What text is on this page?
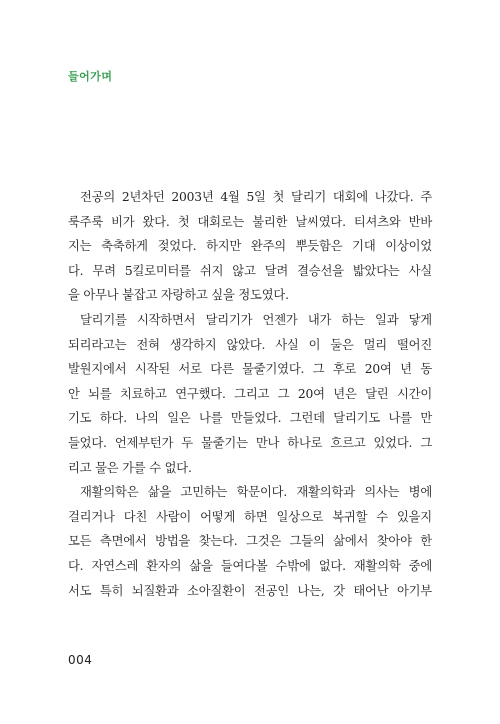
들어가며

전공의 2년차던 2003년 4월 5일 첫 달리기 대회에 나갔다. 주

룩주룩 비가 왔다. 첫 대회로는 불리한 날씨였다. 티셔츠와 반바

지는 축축하게 젖었다. 하지만 완주의 뿌듯함은 기대 이상이었

다. 무려 5킬로미터를 쉬지 않고 달려 결승선을 밟았다는 사실

을 아무나 붙잡고 자랑하고 싶을 정도였다.

달리기를 시작하면서 달리기가 언젠가 내가 하는 일과 닿게

되리라고는 전혀 생각하지 않았다. 사실 이 둘은 멀리 떨어진

발원지에서 시작된 서로 다른 물줄기였다. 그 후로 20여 년 동

안 뇌를 치료하고 연구했다. 그리고 그 20여 년은 달린 시간이

기도 하다. 나의 일은 나를 만들었다. 그런데 달리기도 나를 만

들었다. 언제부턴가 두 물줄기는 만나 하나로 흐르고 있었다. 그

리고 물은 가를 수 없다.

재활의학은 삶을 고민하는 학문이다. 재활의학과 의사는 병에

걸리거나 다친 사람이 어떻게 하면 일상으로 복귀할 수 있을지

모든 측면에서 방법을 찾는다. 그것은 그들의 삶에서 찾아야 한

다. 자연스레 환자의 삶을 들여다볼 수밖에 없다. 재활의학 중에

서도 특히 뇌질환과 소아질환이 전공인 나는, 갓 태어난 아기부

004
